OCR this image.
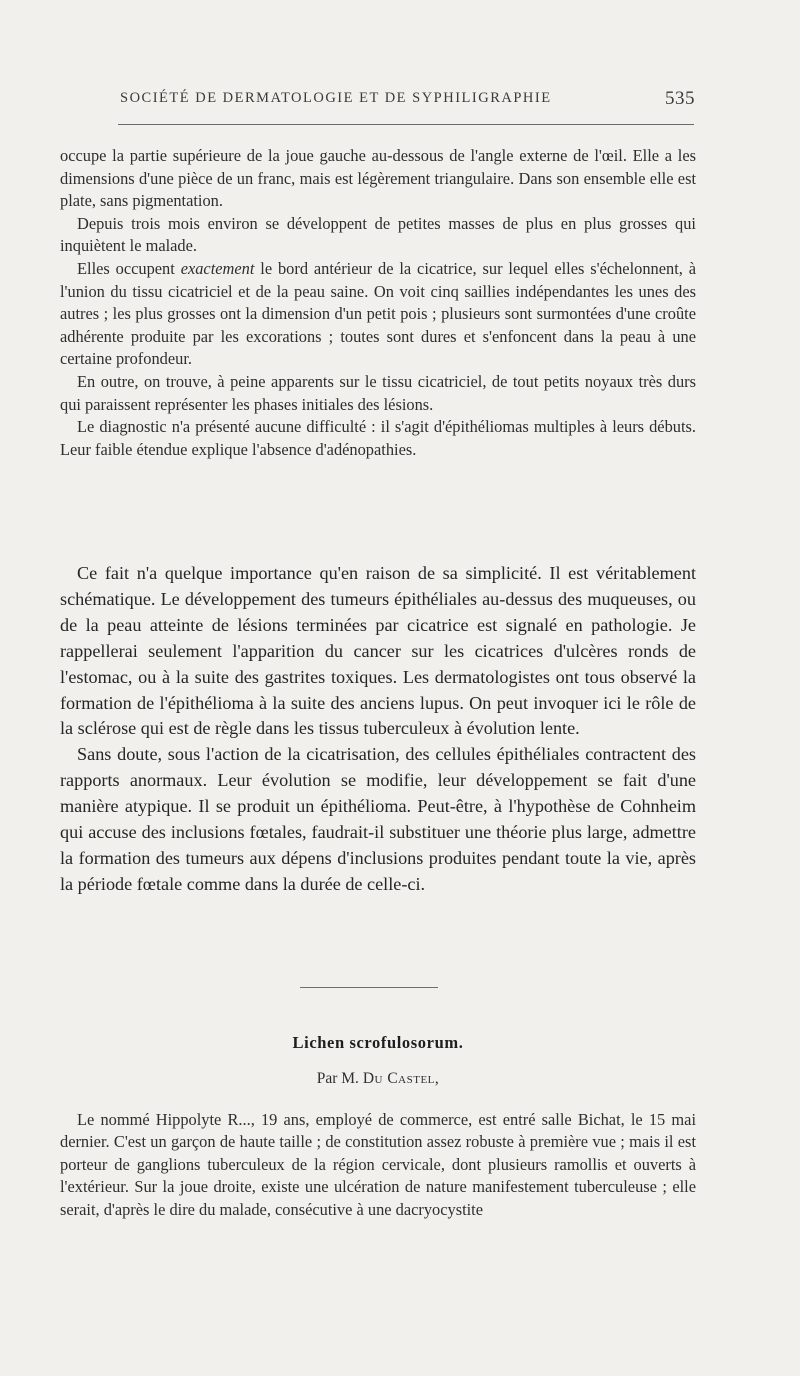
SOCIÉTÉ DE DERMATOLOGIE ET DE SYPHILIGRAPHIE	535

occupe la partie supérieure de la joue gauche au-dessous de l'angle externe de l'œil. Elle a les dimensions d'une pièce de un franc, mais est légèrement triangulaire. Dans son ensemble elle est plate, sans pigmentation.

Depuis trois mois environ se développent de petites masses de plus en plus grosses qui inquiètent le malade.

Elles occupent exactement le bord antérieur de la cicatrice, sur lequel elles s'échelonnent, à l'union du tissu cicatriciel et de la peau saine. On voit cinq saillies indépendantes les unes des autres ; les plus grosses ont la dimension d'un petit pois ; plusieurs sont surmontées d'une croûte adhérente produite par les excorations ; toutes sont dures et s'enfoncent dans la peau à une certaine profondeur.

En outre, on trouve, à peine apparents sur le tissu cicatriciel, de tout petits noyaux très durs qui paraissent représenter les phases initiales des lésions.

Le diagnostic n'a présenté aucune difficulté : il s'agit d'épithéliomas multiples à leurs débuts. Leur faible étendue explique l'absence d'adénopathies.

Ce fait n'a quelque importance qu'en raison de sa simplicité. Il est véritablement schématique. Le développement des tumeurs épithéliales au-dessus des muqueuses, ou de la peau atteinte de lésions terminées par cicatrice est signalé en pathologie. Je rappellerai seulement l'apparition du cancer sur les cicatrices d'ulcères ronds de l'estomac, ou à la suite des gastrites toxiques. Les dermatologistes ont tous observé la formation de l'épithélioma à la suite des anciens lupus. On peut invoquer ici le rôle de la sclérose qui est de règle dans les tissus tuberculeux à évolution lente.

Sans doute, sous l'action de la cicatrisation, des cellules épithéliales contractent des rapports anormaux. Leur évolution se modifie, leur développement se fait d'une manière atypique. Il se produit un épithélioma. Peut-être, à l'hypothèse de Cohnheim qui accuse des inclusions fœtales, faudrait-il substituer une théorie plus large, admettre la formation des tumeurs aux dépens d'inclusions produites pendant toute la vie, après la période fœtale comme dans la durée de celle-ci.

Lichen scrofulosorum.
Par M. Du Castel,

Le nommé Hippolyte R..., 19 ans, employé de commerce, est entré salle Bichat, le 15 mai dernier. C'est un garçon de haute taille ; de constitution assez robuste à première vue ; mais il est porteur de ganglions tuberculeux de la région cervicale, dont plusieurs ramollis et ouverts à l'extérieur. Sur la joue droite, existe une ulcération de nature manifestement tuberculeuse ; elle serait, d'après le dire du malade, consécutive à une dacryocystite
